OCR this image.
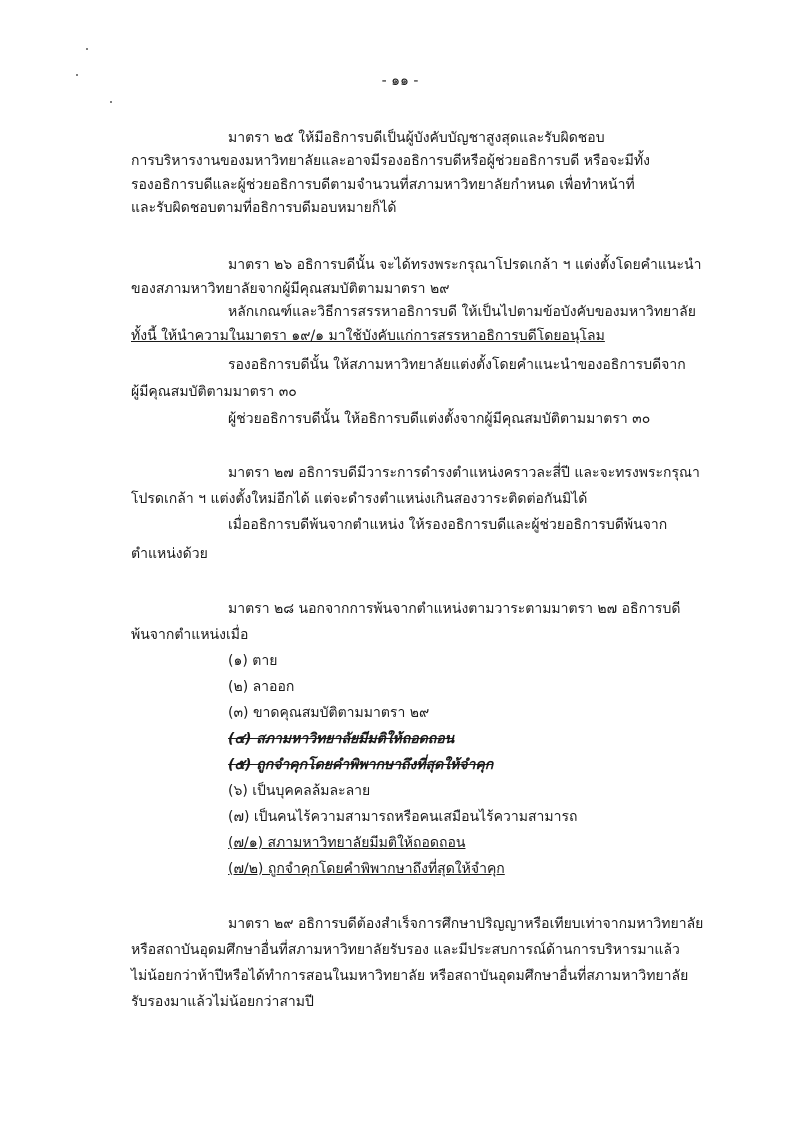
- ๑๑ -
มาตรา ๒๕ ให้มีอธิการบดีเป็นผู้บังคับบัญชาสูงสุดและรับผิดชอบ
การบริหารงานของมหาวิทยาลัยและอาจมีรองอธิการบดีหรือผู้ช่วยอธิการบดี หรือจะมีทั้ง
รองอธิการบดีและผู้ช่วยอธิการบดีตามจำนวนที่สภามหาวิทยาลัยกำหนด เพื่อทำหน้าที่
และรับผิดชอบตามที่อธิการบดีมอบหมายก็ได้
มาตรา ๒๖ อธิการบดีนั้น จะได้ทรงพระกรุณาโปรดเกล้า ฯ แต่งตั้งโดยคำแนะนำ
ของสภามหาวิทยาลัยจากผู้มีคุณสมบัติตามมาตรา ๒๙
หลักเกณฑ์และวิธีการสรรหาอธิการบดี ให้เป็นไปตามข้อบังคับของมหาวิทยาลัย
ทั้งนี้ ให้นำความในมาตรา ๑๙/๑ มาใช้บังคับแก่การสรรหาอธิการบดีโดยอนุโลม
รองอธิการบดีนั้น ให้สภามหาวิทยาลัยแต่งตั้งโดยคำแนะนำของอธิการบดีจาก
ผู้มีคุณสมบัติตามมาตรา ๓๐
ผู้ช่วยอธิการบดีนั้น ให้อธิการบดีแต่งตั้งจากผู้มีคุณสมบัติตามมาตรา ๓๐
มาตรา ๒๗ อธิการบดีมีวาระการดำรงตำแหน่งคราวละสี่ปี และจะทรงพระกรุณา
โปรดเกล้า ฯ แต่งตั้งใหม่อีกได้ แต่จะดำรงตำแหน่งเกินสองวาระติดต่อกันมิได้
เมื่ออธิการบดีพ้นจากตำแหน่ง ให้รองอธิการบดีและผู้ช่วยอธิการบดีพ้นจาก
ตำแหน่งด้วย
มาตรา ๒๘ นอกจากการพ้นจากตำแหน่งตามวาระตามมาตรา ๒๗ อธิการบดี
พ้นจากตำแหน่งเมื่อ
(๑) ตาย
(๒) ลาออก
(๓) ขาดคุณสมบัติตามมาตรา ๒๙
(๔) สภามหาวิทยาลัยมีมติให้ถอดถอน
(๕) ถูกจำคุกโดยคำพิพากษาถึงที่สุดให้จำคุก
(๖) เป็นบุคคลล้มละลาย
(๗) เป็นคนไร้ความสามารถหรือคนเสมือนไร้ความสามารถ
(๗/๑) สภามหาวิทยาลัยมีมติให้ถอดถอน
(๗/๒) ถูกจำคุกโดยคำพิพากษาถึงที่สุดให้จำคุก
มาตรา ๒๙ อธิการบดีต้องสำเร็จการศึกษาปริญญาหรือเทียบเท่าจากมหาวิทยาลัย
หรือสถาบันอุดมศึกษาอื่นที่สภามหาวิทยาลัยรับรอง และมีประสบการณ์ด้านการบริหารมาแล้ว
ไม่น้อยกว่าห้าปีหรือได้ทำการสอนในมหาวิทยาลัย หรือสถาบันอุดมศึกษาอื่นที่สภามหาวิทยาลัย
รับรองมาแล้วไม่น้อยกว่าสามปี
